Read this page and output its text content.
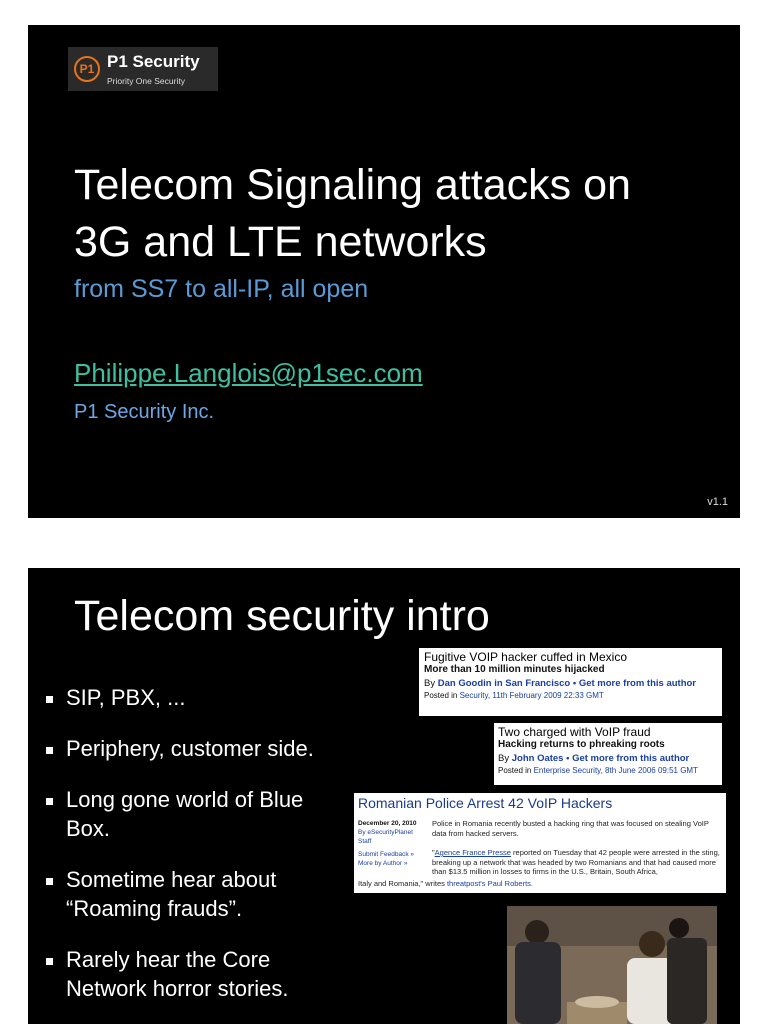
P1 P1 Security
Priority One Security
Telecom Signaling attacks on
3G and LTE networks
from SS7 to all-IP, all open
Philippe.Langlois@p1sec.com
P1 Security Inc.
v1.1
Telecom security intro
SIP, PBX, ...
Periphery, customer side.
Long gone world of Blue Box.
Sometime hear about “Roaming frauds”.
Rarely hear the Core Network horror stories.
Fugitive VOIP hacker cuffed in Mexico
More than 10 million minutes hijacked
By Dan Goodin in San Francisco • Get more from this author
Posted in Security, 11th February 2009 22:33 GMT
Two charged with VoIP fraud
Hacking returns to phreaking roots
By John Oates • Get more from this author
Posted in Enterprise Security, 8th June 2006 09:51 GMT
Romanian Police Arrest 42 VoIP Hackers
December 20, 2010
By eSecurityPlanet Staff
Submit Feedback »
More by Author »
Police in Romania recently busted a hacking ring that was focused on stealing VoIP data from hacked servers.
"Agence France Presse reported on Tuesday that 42 people were arrested in the sting, breaking up a network that was headed by two Romanians and that had caused more than $13.5 million in losses to firms in the U.S., Britain, South Africa,
Italy and Romania," writes threatpost's Paul Roberts.
